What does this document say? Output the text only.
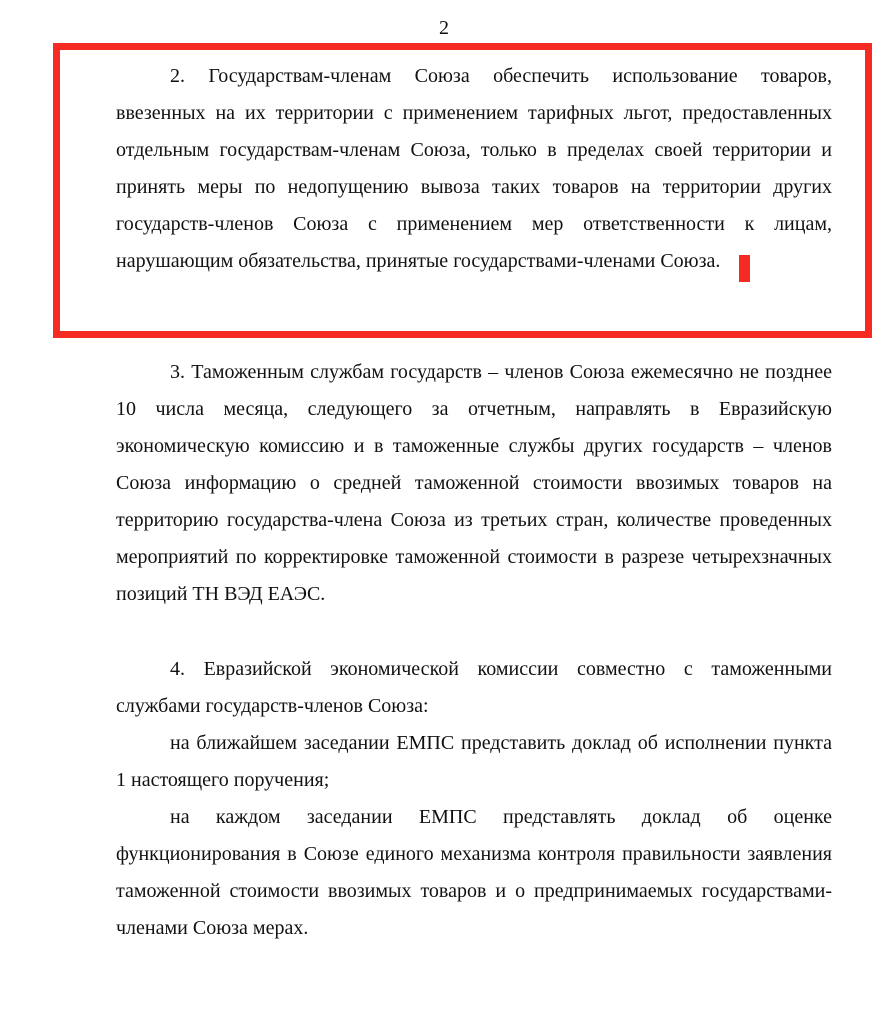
2

2. Государствам-членам Союза обеспечить использование товаров, ввезенных на их территории с применением тарифных льгот, предоставленных отдельным государствам-членам Союза, только в пределах своей территории и принять меры по недопущению вывоза таких товаров на территории других государств-членов Союза с применением мер ответственности к лицам, нарушающим обязательства, принятые государствами-членами Союза.

3. Таможенным службам государств – членов Союза ежемесячно не позднее 10 числа месяца, следующего за отчетным, направлять в Евразийскую экономическую комиссию и в таможенные службы других государств – членов Союза информацию о средней таможенной стоимости ввозимых товаров на территорию государства-члена Союза из третьих стран, количестве проведенных мероприятий по корректировке таможенной стоимости в разрезе четырехзначных позиций ТН ВЭД ЕАЭС.

4. Евразийской экономической комиссии совместно с таможенными службами государств-членов Союза:

на ближайшем заседании ЕМПС представить доклад об исполнении пункта 1 настоящего поручения;

на каждом заседании ЕМПС представлять доклад об оценке функционирования в Союзе единого механизма контроля правильности заявления таможенной стоимости ввозимых товаров и о предпринимаемых государствами-членами Союза мерах.
